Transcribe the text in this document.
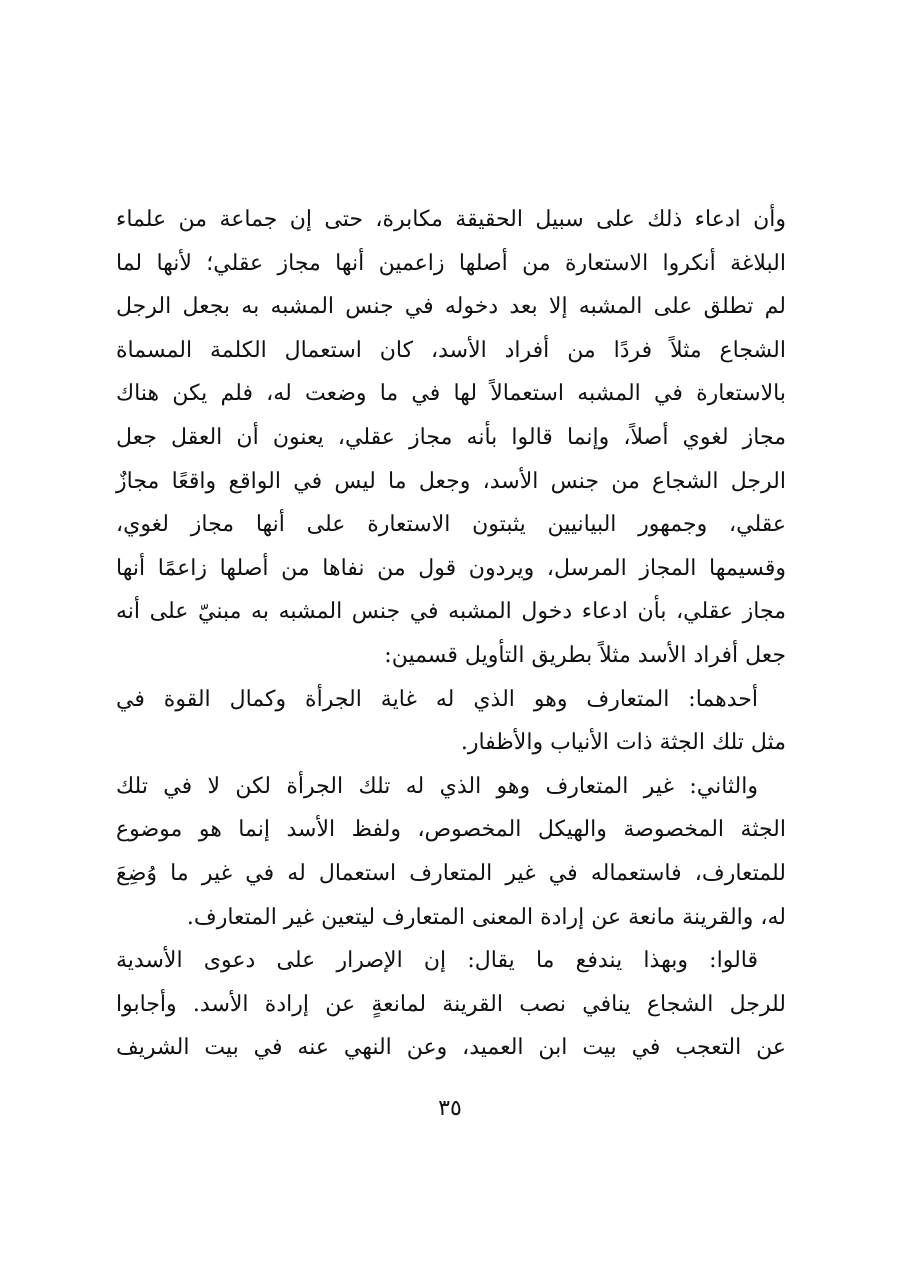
وأن ادعاء ذلك على سبيل الحقيقة مكابرة، حتى إن جماعة من علماء
البلاغة أنكروا الاستعارة من أصلها زاعمين أنها مجاز عقلي؛ لأنها لما
لم تطلق على المشبه إلا بعد دخوله في جنس المشبه به بجعل الرجل
الشجاع مثلاً فردًا من أفراد الأسد، كان استعمال الكلمة المسماة
بالاستعارة في المشبه استعمالاً لها في ما وضعت له، فلم يكن هناك
مجاز لغوي أصلاً، وإنما قالوا بأنه مجاز عقلي، يعنون أن العقل جعل
الرجل الشجاع من جنس الأسد، وجعل ما ليس في الواقع واقعًا مجازٌ
عقلي، وجمهور البيانيين يثبتون الاستعارة على أنها مجاز لغوي،
وقسيمها المجاز المرسل، ويردون قول من نفاها من أصلها زاعمًا أنها
مجاز عقلي، بأن ادعاء دخول المشبه في جنس المشبه به مبنيّ على أنه
جعل أفراد الأسد مثلاً بطريق التأويل قسمين:
أحدهما: المتعارف وهو الذي له غاية الجرأة وكمال القوة في
مثل تلك الجثة ذات الأنياب والأظفار.
والثاني: غير المتعارف وهو الذي له تلك الجرأة لكن لا في تلك
الجثة المخصوصة والهيكل المخصوص، ولفظ الأسد إنما هو موضوع
للمتعارف، فاستعماله في غير المتعارف استعمال له في غير ما وُضِعَ
له، والقرينة مانعة عن إرادة المعنى المتعارف ليتعين غير المتعارف.
قالوا: وبهذا يندفع ما يقال: إن الإصرار على دعوى الأسدية
للرجل الشجاع ينافي نصب القرينة لمانعةٍ عن إرادة الأسد. وأجابوا
عن التعجب في بيت ابن العميد، وعن النهي عنه في بيت الشريف
٣٥
